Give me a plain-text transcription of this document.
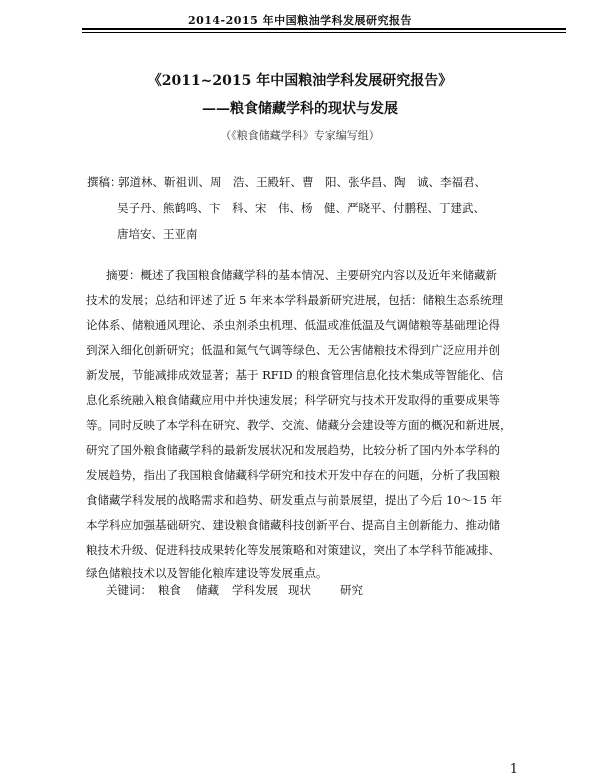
2014-2015 年中国粮油学科发展研究报告
《2011~2015 年中国粮油学科发展研究报告》
——粮食储藏学科的现状与发展
（《粮食储藏学科》专家编写组）
撰稿：
郭道林、靳祖训、周　浩、王殿轩、曹　阳、张华昌、陶　诚、李福君、
吴子丹、熊鹤鸣、卞　科、宋　伟、杨　健、严晓平、付鹏程、丁建武、
唐培安、王亚南
摘要：概述了我国粮食储藏学科的基本情况、主要研究内容以及近年来储藏新
技术的发展；总结和评述了近 5 年来本学科最新研究进展，包括：储粮生态系统理
论体系、储粮通风理论、杀虫剂杀虫机理、低温或准低温及气调储粮等基础理论得
到深入细化创新研究；低温和氮气气调等绿色、无公害储粮技术得到广泛应用并创
新发展，节能减排成效显著；基于 RFID 的粮食管理信息化技术集成等智能化、信
息化系统融入粮食储藏应用中并快速发展；科学研究与技术开发取得的重要成果等
等。同时反映了本学科在研究、教学、交流、储藏分会建设等方面的概况和新进展，
研究了国外粮食储藏学科的最新发展状况和发展趋势，比较分析了国内外本学科的
发展趋势，指出了我国粮食储藏科学研究和技术开发中存在的问题，分析了我国粮
食储藏学科发展的战略需求和趋势、研发重点与前景展望，提出了今后 10～15 年
本学科应加强基础研究、建设粮食储藏科技创新平台、提高自主创新能力、推动储
粮技术升级、促进科技成果转化等发展策略和对策建议，突出了本学科节能减排、
绿色储粮技术以及智能化粮库建设等发展重点。
关键词： 粮食 储藏 学科发展 现状	研究
1
